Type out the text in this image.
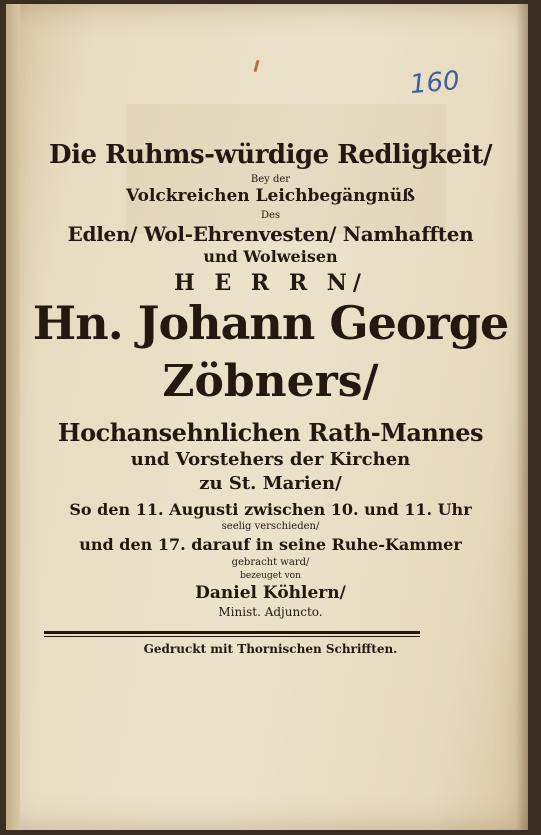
160
Die Ruhms-würdige Redligkeit/
Bey der
Volckreichen Leichbegängnüß
Des
Edlen/ Wol-Ehrenvesten/ Namhafften
und Wolweisen
H E R R N/
Hn. Johann George
Zöbners/
Hochansehnlichen Rath-Mannes
und Vorstehers der Kirchen
zu St. Marien/
So den 11. Augusti zwischen 10. und 11. Uhr
seelig verschieden/
und den 17. darauf in seine Ruhe-Kammer
gebracht ward/
bezeuget von
Daniel Köhlern/
Minist. Adjuncto.
Gedruckt mit Thornischen Schrifften.
